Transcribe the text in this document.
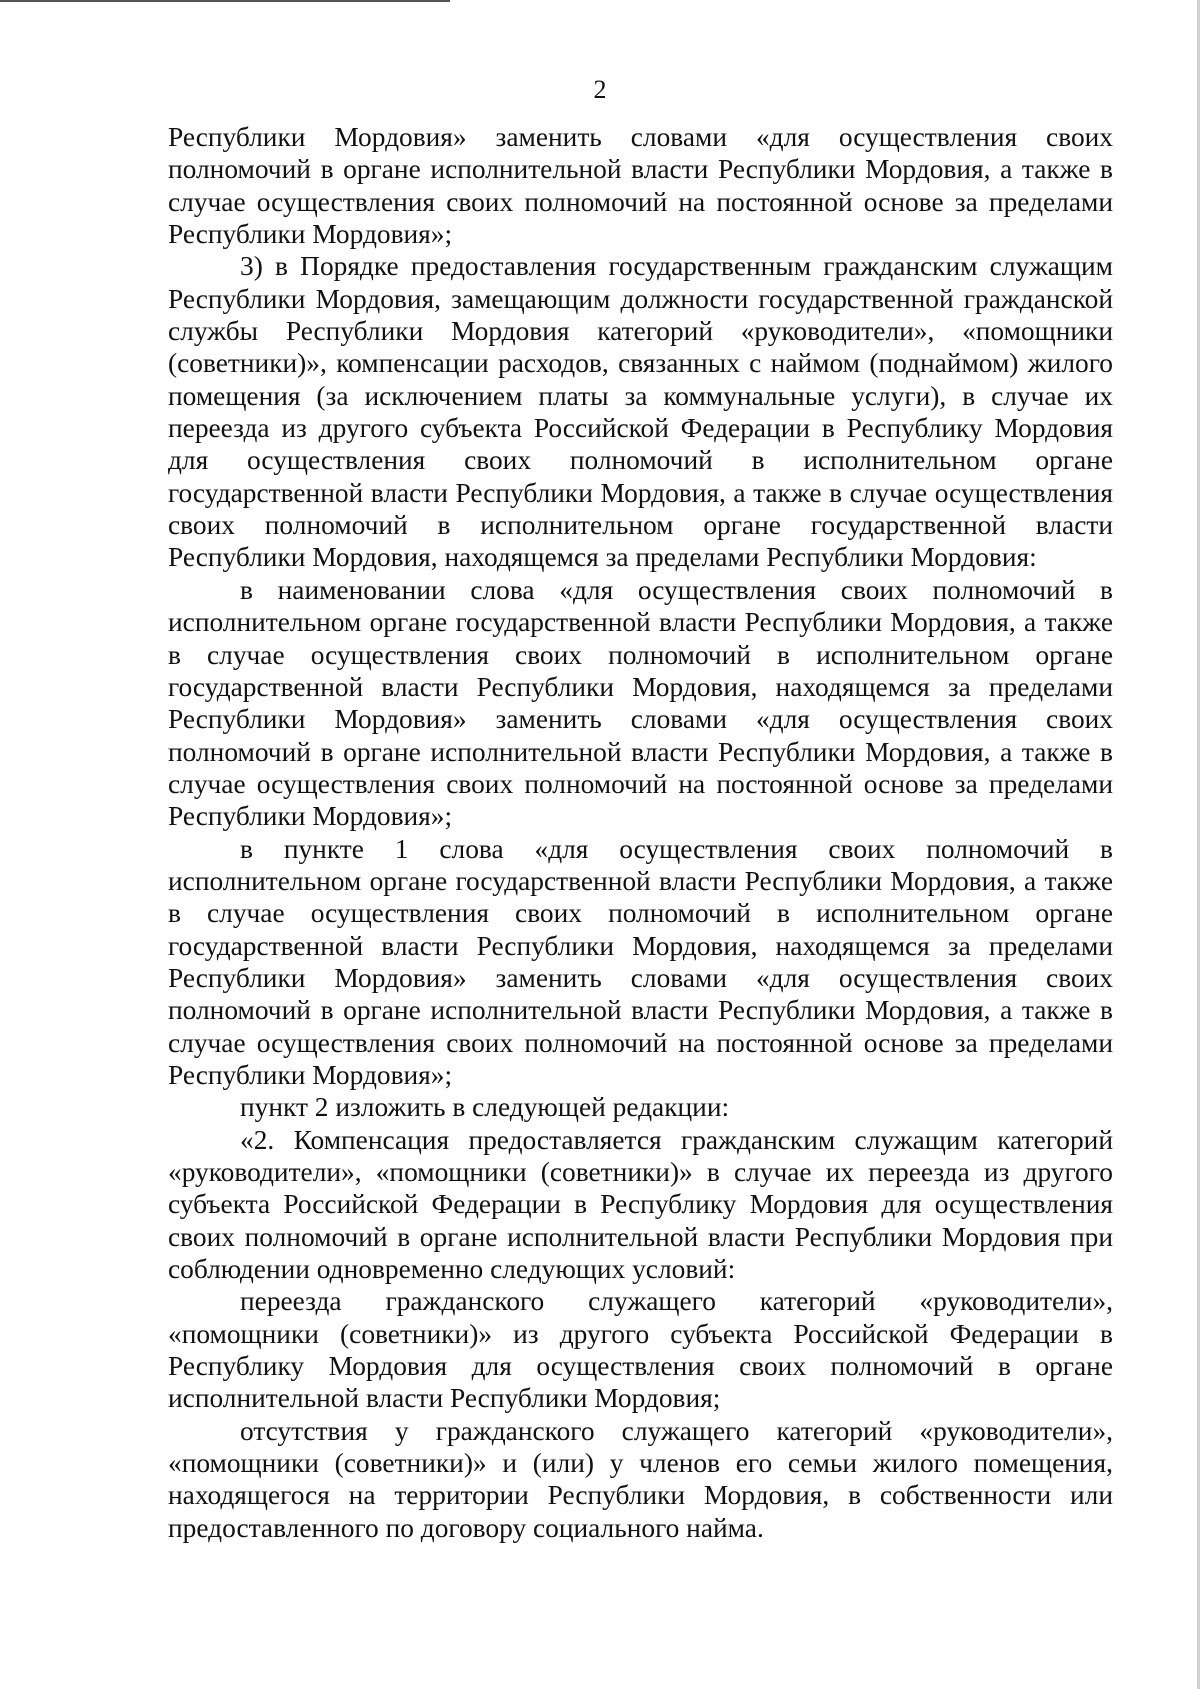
2

Республики Мордовия» заменить словами «для осуществления своих полномочий в органе исполнительной власти Республики Мордовия, а также в случае осуществления своих полномочий на постоянной основе за пределами Республики Мордовия»;

3) в Порядке предоставления государственным гражданским служащим Республики Мордовия, замещающим должности государственной гражданской службы Республики Мордовия категорий «руководители», «помощники (советники)», компенсации расходов, связанных с наймом (поднаймом) жилого помещения (за исключением платы за коммунальные услуги), в случае их переезда из другого субъекта Российской Федерации в Республику Мордовия для осуществления своих полномочий в исполнительном органе государственной власти Республики Мордовия, а также в случае осуществления своих полномочий в исполнительном органе государственной власти Республики Мордовия, находящемся за пределами Республики Мордовия:

в наименовании слова «для осуществления своих полномочий в исполнительном органе государственной власти Республики Мордовия, а также в случае осуществления своих полномочий в исполнительном органе государственной власти Республики Мордовия, находящемся за пределами Республики Мордовия» заменить словами «для осуществления своих полномочий в органе исполнительной власти Республики Мордовия, а также в случае осуществления своих полномочий на постоянной основе за пределами Республики Мордовия»;

в пункте 1 слова «для осуществления своих полномочий в исполнительном органе государственной власти Республики Мордовия, а также в случае осуществления своих полномочий в исполнительном органе государственной власти Республики Мордовия, находящемся за пределами Республики Мордовия» заменить словами «для осуществления своих полномочий в органе исполнительной власти Республики Мордовия, а также в случае осуществления своих полномочий на постоянной основе за пределами Республики Мордовия»;

пункт 2 изложить в следующей редакции:

«2. Компенсация предоставляется гражданским служащим категорий «руководители», «помощники (советники)» в случае их переезда из другого субъекта Российской Федерации в Республику Мордовия для осуществления своих полномочий в органе исполнительной власти Республики Мордовия при соблюдении одновременно следующих условий:

переезда гражданского служащего категорий «руководители», «помощники (советники)» из другого субъекта Российской Федерации в Республику Мордовия для осуществления своих полномочий в органе исполнительной власти Республики Мордовия;

отсутствия у гражданского служащего категорий «руководители», «помощники (советники)» и (или) у членов его семьи жилого помещения, находящегося на территории Республики Мордовия, в собственности или предоставленного по договору социального найма.
